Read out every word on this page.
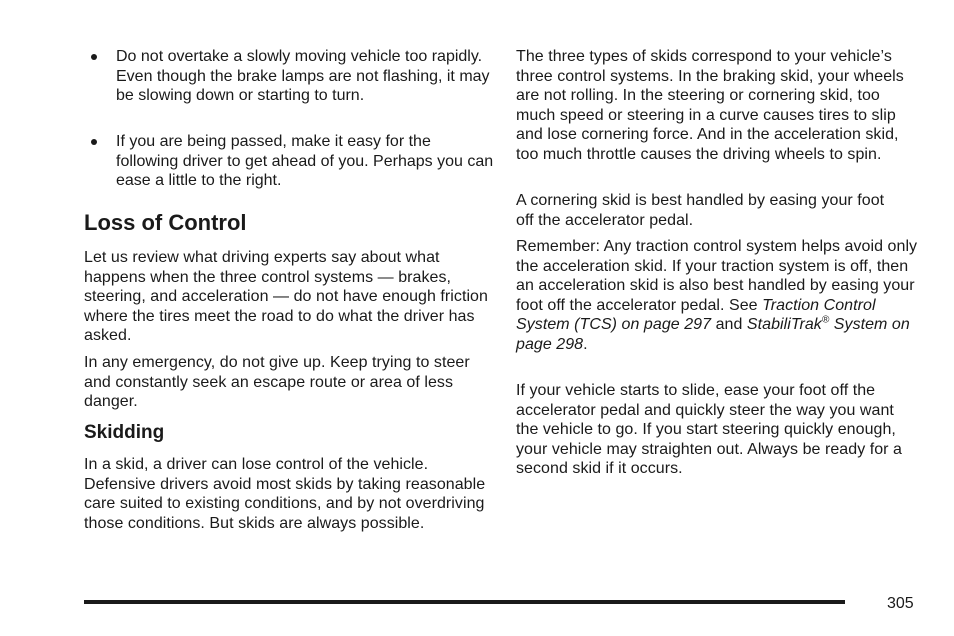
Do not overtake a slowly moving vehicle too rapidly. Even though the brake lamps are not flashing, it may be slowing down or starting to turn.

If you are being passed, make it easy for the following driver to get ahead of you. Perhaps you can ease a little to the right.

Loss of Control

Let us review what driving experts say about what happens when the three control systems — brakes, steering, and acceleration — do not have enough friction where the tires meet the road to do what the driver has asked.

In any emergency, do not give up. Keep trying to steer and constantly seek an escape route or area of less danger.

Skidding

In a skid, a driver can lose control of the vehicle. Defensive drivers avoid most skids by taking reasonable care suited to existing conditions, and by not overdriving those conditions. But skids are always possible.

The three types of skids correspond to your vehicle’s three control systems. In the braking skid, your wheels are not rolling. In the steering or cornering skid, too much speed or steering in a curve causes tires to slip and lose cornering force. And in the acceleration skid, too much throttle causes the driving wheels to spin.

A cornering skid is best handled by easing your foot off the accelerator pedal.

Remember: Any traction control system helps avoid only the acceleration skid. If your traction system is off, then an acceleration skid is also best handled by easing your foot off the accelerator pedal. See Traction Control System (TCS) on page 297 and StabiliTrak® System on page 298.

If your vehicle starts to slide, ease your foot off the accelerator pedal and quickly steer the way you want the vehicle to go. If you start steering quickly enough, your vehicle may straighten out. Always be ready for a second skid if it occurs.

305
